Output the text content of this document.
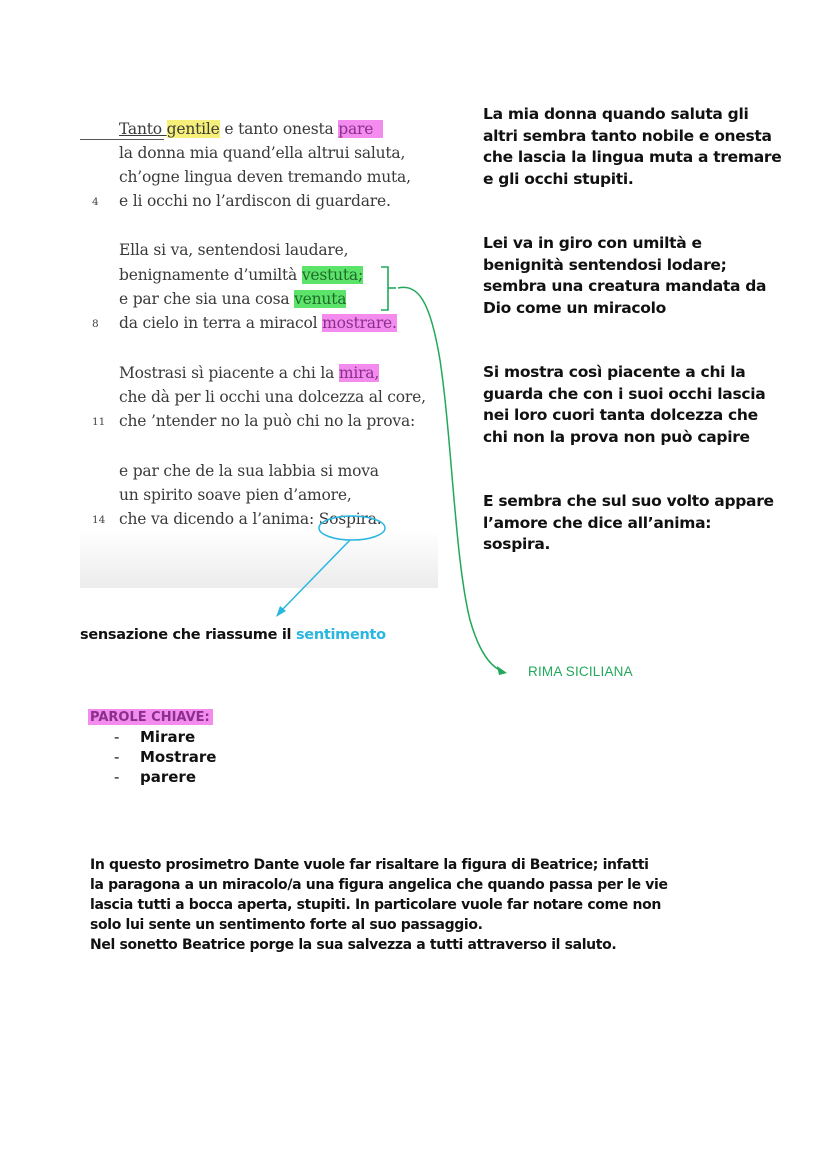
Tanto gentile e tanto onesta pare
la donna mia quand’ella altrui saluta,
ch’ogne lingua deven tremando muta,
4 e li occhi no l’ardiscon di guardare.
Ella si va, sentendosi laudare,
benignamente d’umiltà vestuta;
e par che sia una cosa venuta
8 da cielo in terra a miracol mostrare.
Mostrasi sì piacente a chi la mira,
che dà per li occhi una dolcezza al core,
11 che ’ntender no la può chi no la prova:
e par che de la sua labbia si mova
un spirito soave pien d’amore,
14 che va dicendo a l’anima: Sospira.
La mia donna quando saluta gli altri sembra tanto nobile e onesta che lascia la lingua muta a tremare e gli occhi stupiti.
Lei va in giro con umiltà e benignità sentendosi lodare; sembra una creatura mandata da Dio come un miracolo
Si mostra così piacente a chi la guarda che con i suoi occhi lascia nei loro cuori tanta dolcezza che chi non la prova non può capire
E sembra che sul suo volto appare l’amore che dice all’anima: sospira.
sensazione che riassume il sentimento
RIMA SICILIANA
PAROLE CHIAVE:
- Mirare
- Mostrare
- parere

In questo prosimetro Dante vuole far risaltare la figura di Beatrice; infatti

la paragona a un miracolo/a una figura angelica che quando passa per le vie

lascia tutti a bocca aperta, stupiti. In particolare vuole far notare come non

solo lui sente un sentimento forte al suo passaggio.

Nel sonetto Beatrice porge la sua salvezza a tutti attraverso il saluto.
